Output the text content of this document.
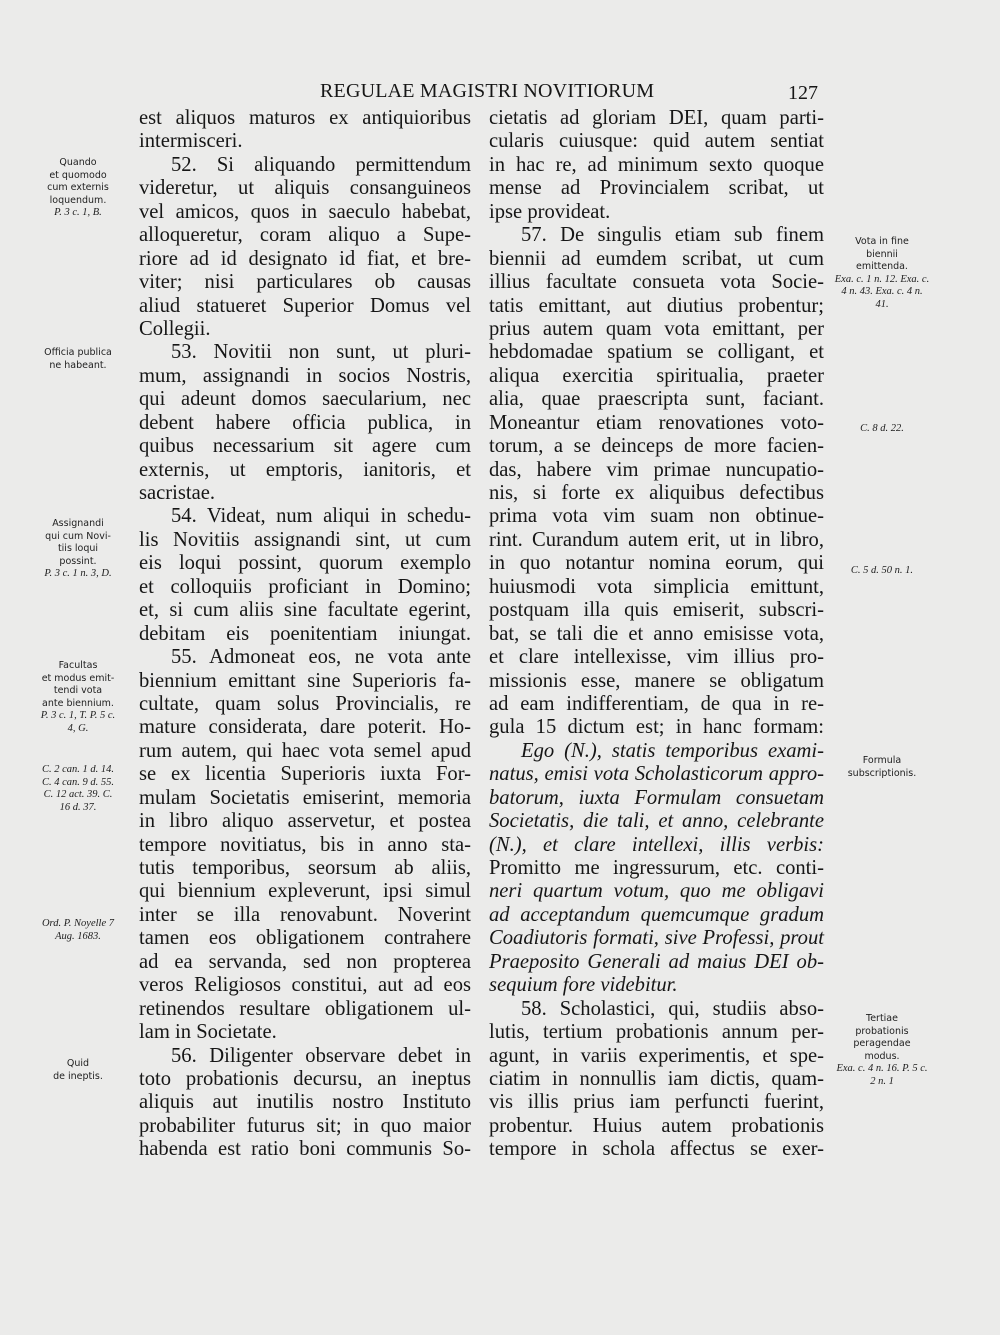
REGULAE MAGISTRI NOVITIORUM	127
est aliquos maturos ex antiquioribus
intermisceri.
52. Si aliquando permittendum
videretur, ut aliquis consanguineos
vel amicos, quos in saeculo habebat,
alloqueretur, coram aliquo a Supe-
riore ad id designato id fiat, et bre-
viter; nisi particulares ob causas
aliud statueret Superior Domus vel
Collegii.
53. Novitii non sunt, ut pluri-
mum, assignandi in socios Nostris,
qui adeunt domos saecularium, nec
debent habere officia publica, in
quibus necessarium sit agere cum
externis, ut emptoris, ianitoris, et
sacristae.
54. Videat, num aliqui in schedu-
lis Novitiis assignandi sint, ut cum
eis loqui possint, quorum exemplo
et colloquiis proficiant in Domino;
et, si cum aliis sine facultate egerint,
debitam eis poenitentiam iniungat.
55. Admoneat eos, ne vota ante
biennium emittant sine Superioris fa-
cultate, quam solus Provincialis, re
mature considerata, dare poterit. Ho-
rum autem, qui haec vota semel apud
se ex licentia Superioris iuxta For-
mulam Societatis emiserint, memoria
in libro aliquo asservetur, et postea
tempore novitiatus, bis in anno sta-
tutis temporibus, seorsum ab aliis,
qui biennium expleverunt, ipsi simul
inter se illa renovabunt. Noverint
tamen eos obligationem contrahere
ad ea servanda, sed non propterea
veros Religiosos constitui, aut ad eos
retinendos resultare obligationem ul-
lam in Societate.
56. Diligenter observare debet in
toto probationis decursu, an ineptus
aliquis aut inutilis nostro Instituto
probabiliter futurus sit; in quo maior
habenda est ratio boni communis So-
cietatis ad gloriam DEI, quam parti-
cularis cuiusque: quid autem sentiat
in hac re, ad minimum sexto quoque
mense ad Provincialem scribat, ut
ipse provideat.
57. De singulis etiam sub finem
biennii ad eumdem scribat, ut cum
illius facultate consueta vota Socie-
tatis emittant, aut diutius probentur;
prius autem quam vota emittant, per
hebdomadae spatium se colligant, et
aliqua exercitia spiritualia, praeter
alia, quae praescripta sunt, faciant.
Moneantur etiam renovationes voto-
torum, a se deinceps de more facien-
das, habere vim primae nuncupatio-
nis, si forte ex aliquibus defectibus
prima vota vim suam non obtinue-
rint. Curandum autem erit, ut in libro,
in quo notantur nomina eorum, qui
huiusmodi vota simplicia emittunt,
postquam illa quis emiserit, subscri-
bat, se tali die et anno emisisse vota,
et clare intellexisse, vim illius pro-
missionis esse, manere se obligatum
ad eam indifferentiam, de qua in re-
gula 15 dictum est; in hanc formam:
Ego (N.), statis temporibus exami-
natus, emisi vota Scholasticorum appro-
batorum, iuxta Formulam consuetam
Societatis, die tali, et anno, celebrante
(N.), et clare intellexi, illis verbis:
Promitto me ingressurum, etc. conti-
neri quartum votum, quo me obligavi
ad acceptandum quemcumque gradum
Coadiutoris formati, sive Professi, prout
Praeposito Generali ad maius DEI ob-
sequium fore videbitur.
58. Scholastici, qui, studiis abso-
lutis, tertium probationis annum per-
agunt, in variis experimentis, et spe-
ciatim in nonnullis iam dictis, quam-
vis illis prius iam perfuncti fuerint,
probentur. Huius autem probationis
tempore in schola affectus se exer-
Quando
et quomodo
cum externis
loquendum.
P. 3 c. 1, B.
Officia publica
ne habeant.
Assignandi
qui cum Novi-
tiis loqui
possint.
P. 3 c. 1 n. 3, D.
Facultas
et modus emit-
tendi vota
ante biennium.
P. 3 c. 1, T. P. 5 c. 4, G.
C. 2 can. 1 d. 14. C. 4 can. 9 d. 55. C. 12 act. 39. C. 16 d. 37.
Ord. P. Noyelle 7 Aug. 1683.
Quid
de ineptis.
Vota in fine
biennii
emittenda.
Exa. c. 1 n. 12. Exa. c. 4 n. 43. Exa. c. 4 n. 41.
C. 8 d. 22.
C. 5 d. 50 n. 1.
Formula
subscriptionis.
Tertiae
probationis
peragendae
modus.
Exa. c. 4 n. 16. P. 5 c. 2 n. 1
